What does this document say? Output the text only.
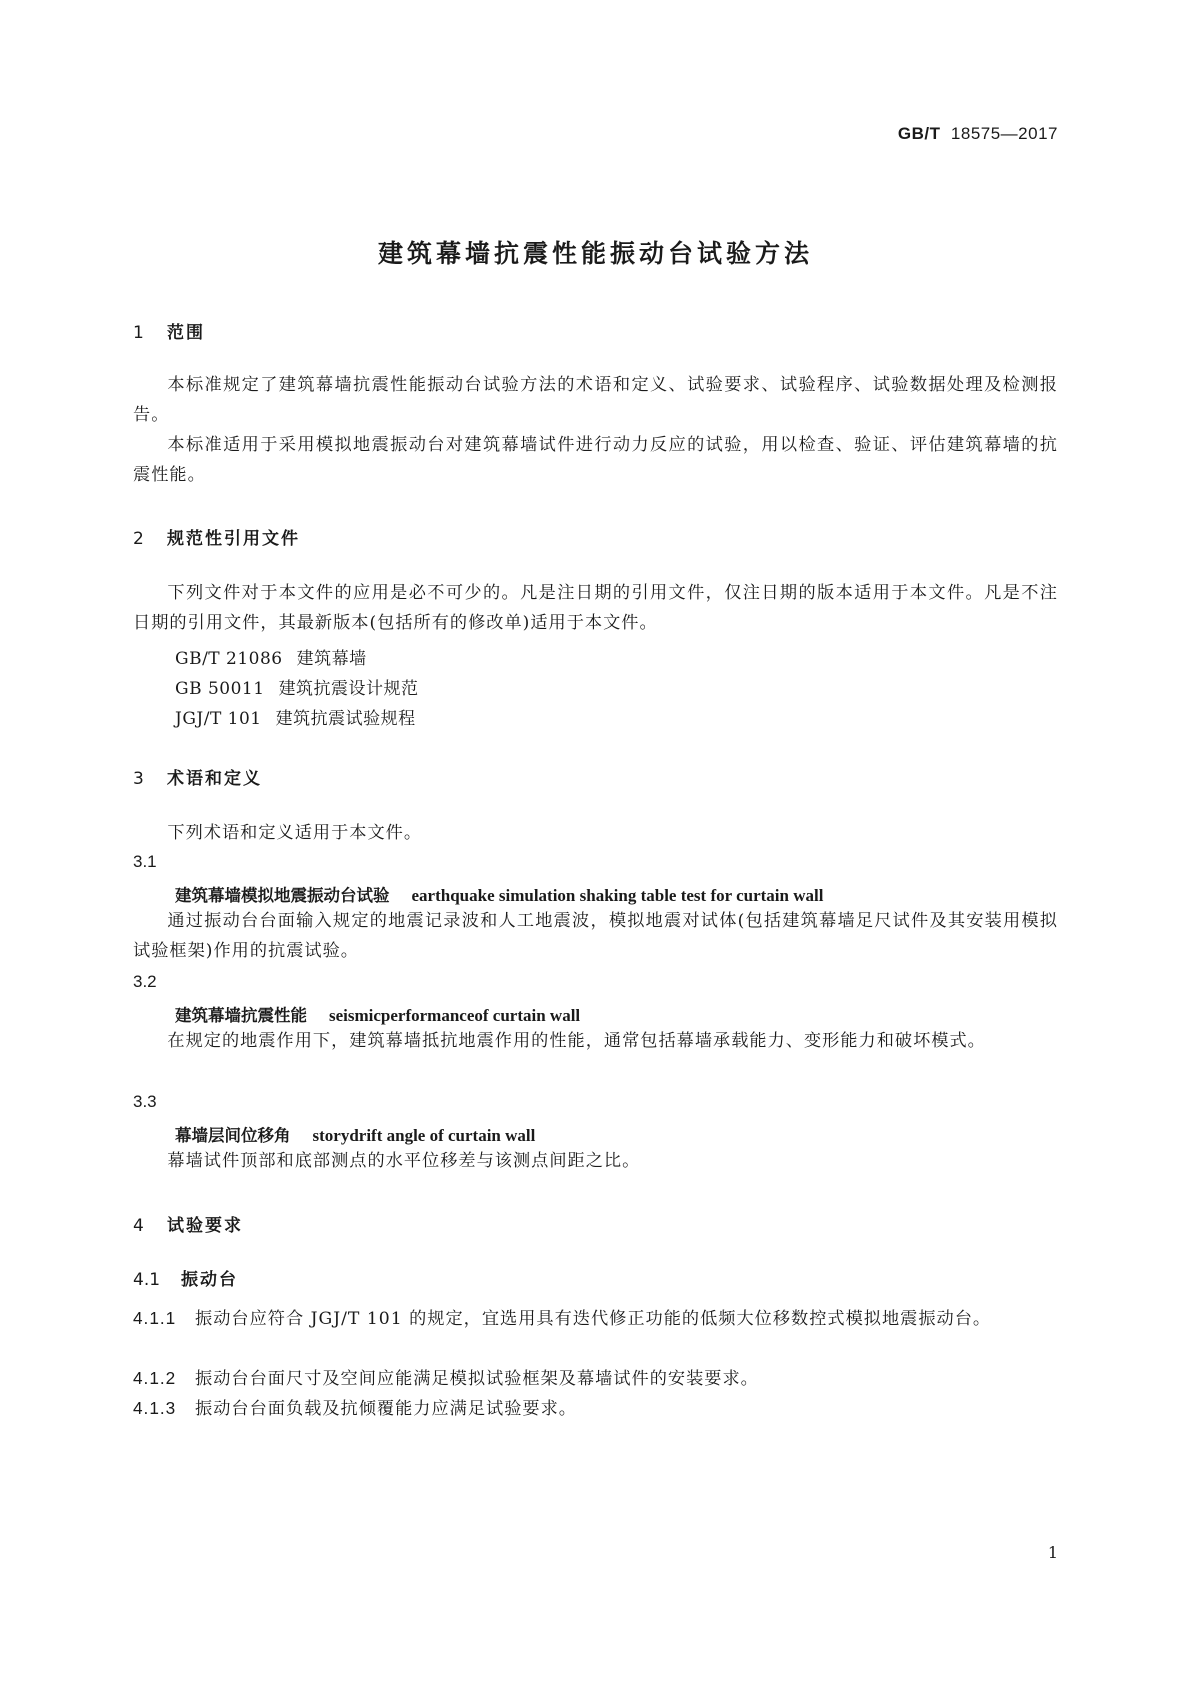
GB/T 18575—2017
建筑幕墙抗震性能振动台试验方法
1 范围

本标准规定了建筑幕墙抗震性能振动台试验方法的术语和定义、试验要求、试验程序、试验数据处理及检测报告。

本标准适用于采用模拟地震振动台对建筑幕墙试件进行动力反应的试验，用以检查、验证、评估建筑幕墙的抗震性能。

2 规范性引用文件

下列文件对于本文件的应用是必不可少的。凡是注日期的引用文件，仅注日期的版本适用于本文件。凡是不注日期的引用文件，其最新版本(包括所有的修改单)适用于本文件。

GB/T 21086 建筑幕墙
GB 50011 建筑抗震设计规范
JGJ/T 101 建筑抗震试验规程
3 术语和定义

下列术语和定义适用于本文件。

3.1
建筑幕墙模拟地震振动台试验 earthquake simulation shaking table test for curtain wall

通过振动台台面输入规定的地震记录波和人工地震波，模拟地震对试体(包括建筑幕墙足尺试件及其安装用模拟试验框架)作用的抗震试验。

3.2
建筑幕墙抗震性能 seismicperformanceof curtain wall

在规定的地震作用下，建筑幕墙抵抗地震作用的性能，通常包括幕墙承载能力、变形能力和破坏模式。

3.3
幕墙层间位移角 storydrift angle of curtain wall

幕墙试件顶部和底部测点的水平位移差与该测点间距之比。

4 试验要求
4.1 振动台

4.1.1 振动台应符合 JGJ/T 101 的规定，宜选用具有迭代修正功能的低频大位移数控式模拟地震振动台。

4.1.2 振动台台面尺寸及空间应能满足模拟试验框架及幕墙试件的安装要求。

4.1.3 振动台台面负载及抗倾覆能力应满足试验要求。

1
